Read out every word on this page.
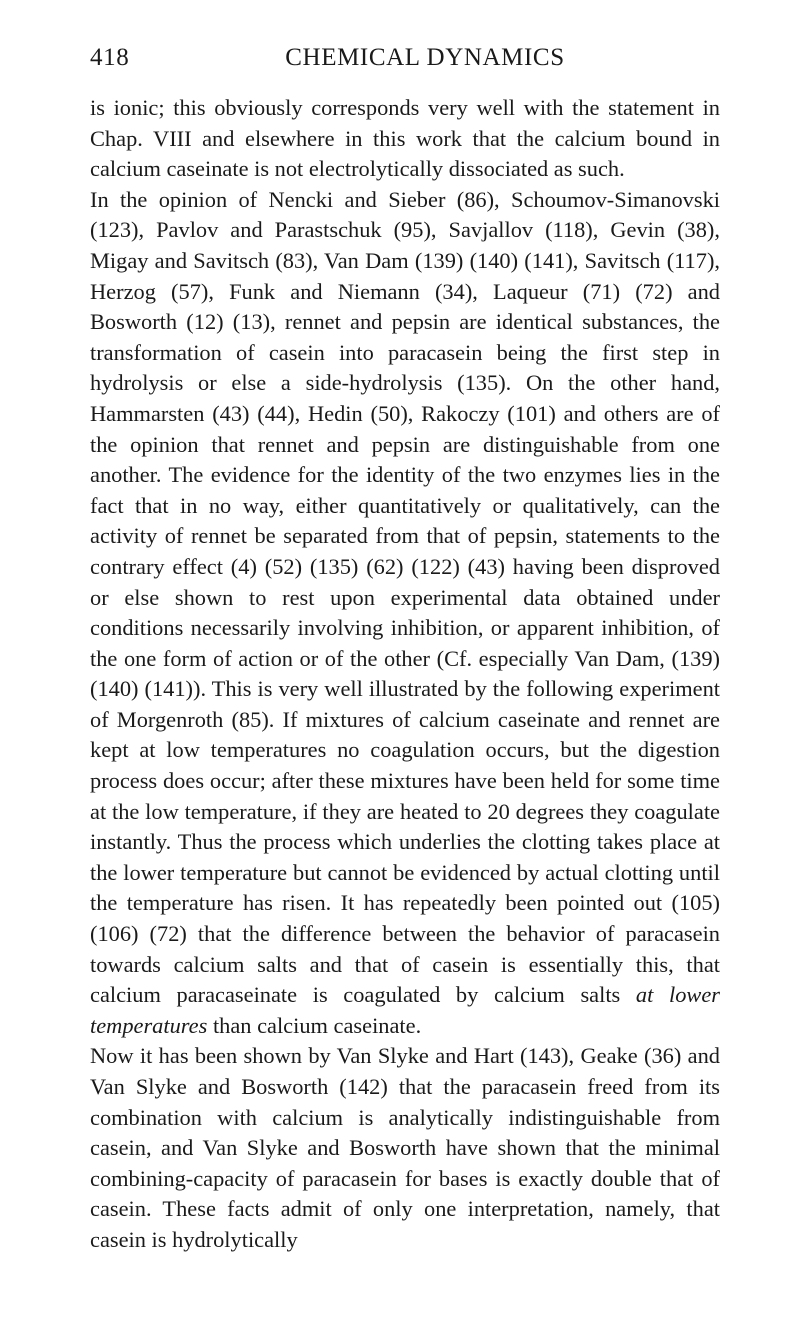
418	CHEMICAL DYNAMICS

is ionic; this obviously corresponds very well with the statement in Chap. VIII and elsewhere in this work that the calcium bound in calcium caseinate is not electrolytically dissociated as such.

In the opinion of Nencki and Sieber (86), Schoumov-Simanovski (123), Pavlov and Parastschuk (95), Savjallov (118), Gevin (38), Migay and Savitsch (83), Van Dam (139) (140) (141), Savitsch (117), Herzog (57), Funk and Niemann (34), Laqueur (71) (72) and Bosworth (12) (13), rennet and pepsin are identical substances, the transformation of casein into paracasein being the first step in hydrolysis or else a side-hydrolysis (135). On the other hand, Hammarsten (43) (44), Hedin (50), Rakoczy (101) and others are of the opinion that rennet and pepsin are distinguishable from one another. The evidence for the identity of the two enzymes lies in the fact that in no way, either quantitatively or qualitatively, can the activity of rennet be separated from that of pepsin, statements to the contrary effect (4) (52) (135) (62) (122) (43) having been disproved or else shown to rest upon experimental data obtained under conditions necessarily involving inhibition, or apparent inhibition, of the one form of action or of the other (Cf. especially Van Dam, (139) (140) (141)). This is very well illustrated by the following experiment of Morgenroth (85). If mixtures of calcium caseinate and rennet are kept at low temperatures no coagulation occurs, but the digestion process does occur; after these mixtures have been held for some time at the low temperature, if they are heated to 20 degrees they coagulate instantly. Thus the process which underlies the clotting takes place at the lower temperature but cannot be evidenced by actual clotting until the temperature has risen. It has repeatedly been pointed out (105) (106) (72) that the difference between the behavior of paracasein towards calcium salts and that of casein is essentially this, that calcium paracaseinate is coagulated by calcium salts at lower temperatures than calcium caseinate.

Now it has been shown by Van Slyke and Hart (143), Geake (36) and Van Slyke and Bosworth (142) that the paracasein freed from its combination with calcium is analytically indistinguishable from casein, and Van Slyke and Bosworth have shown that the minimal combining-capacity of paracasein for bases is exactly double that of casein. These facts admit of only one interpretation, namely, that casein is hydrolytically
